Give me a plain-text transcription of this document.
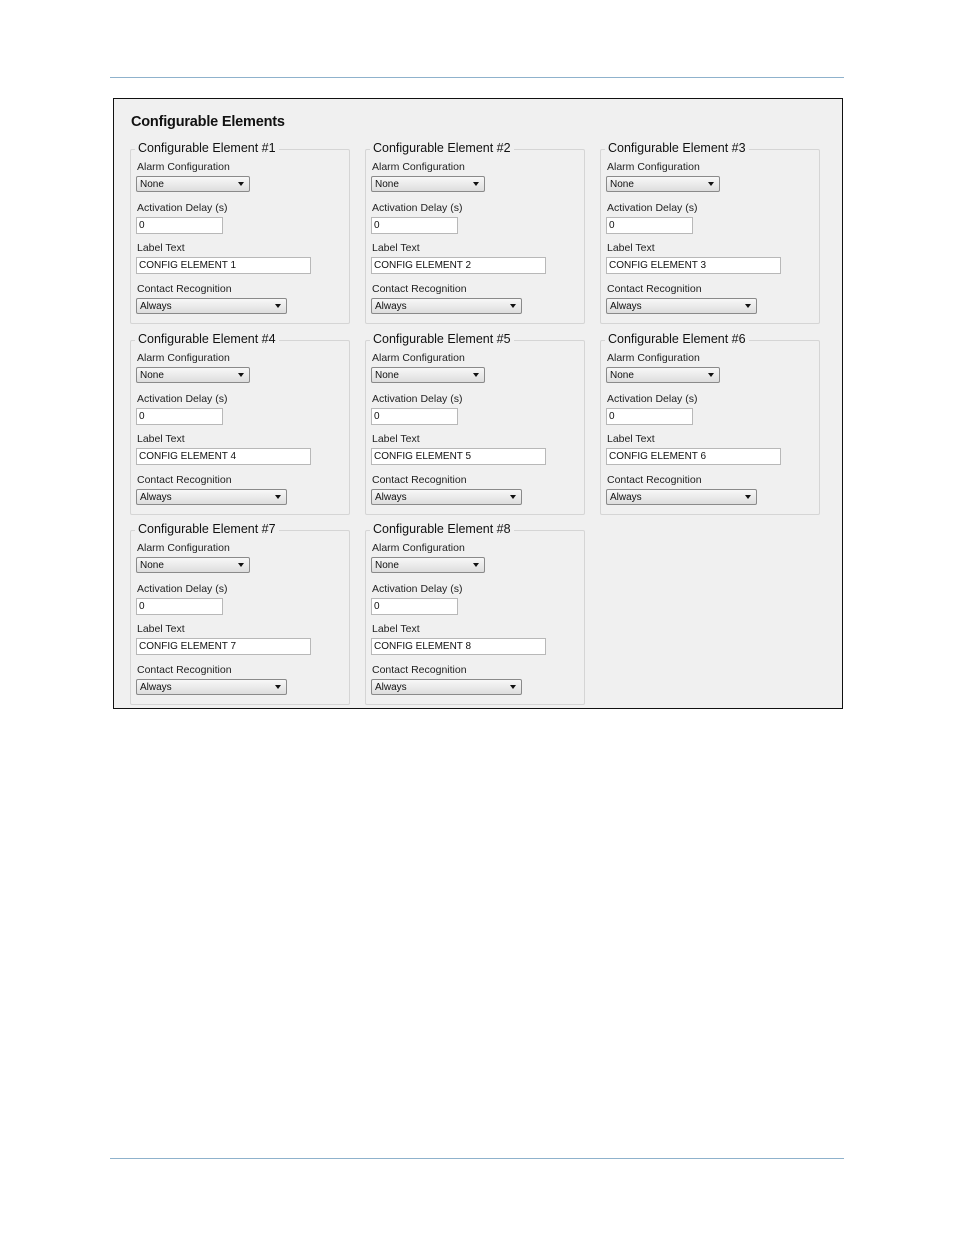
Configurable Elements
Configurable Element #1
Alarm Configuration
None
Activation Delay (s)
0
Label Text
CONFIG ELEMENT 1
Contact Recognition
Always
Configurable Element #2
Alarm Configuration
None
Activation Delay (s)
0
Label Text
CONFIG ELEMENT 2
Contact Recognition
Always
Configurable Element #3
Alarm Configuration
None
Activation Delay (s)
0
Label Text
CONFIG ELEMENT 3
Contact Recognition
Always
Configurable Element #4
Alarm Configuration
None
Activation Delay (s)
0
Label Text
CONFIG ELEMENT 4
Contact Recognition
Always
Configurable Element #5
Alarm Configuration
None
Activation Delay (s)
0
Label Text
CONFIG ELEMENT 5
Contact Recognition
Always
Configurable Element #6
Alarm Configuration
None
Activation Delay (s)
0
Label Text
CONFIG ELEMENT 6
Contact Recognition
Always
Configurable Element #7
Alarm Configuration
None
Activation Delay (s)
0
Label Text
CONFIG ELEMENT 7
Contact Recognition
Always
Configurable Element #8
Alarm Configuration
None
Activation Delay (s)
0
Label Text
CONFIG ELEMENT 8
Contact Recognition
Always
